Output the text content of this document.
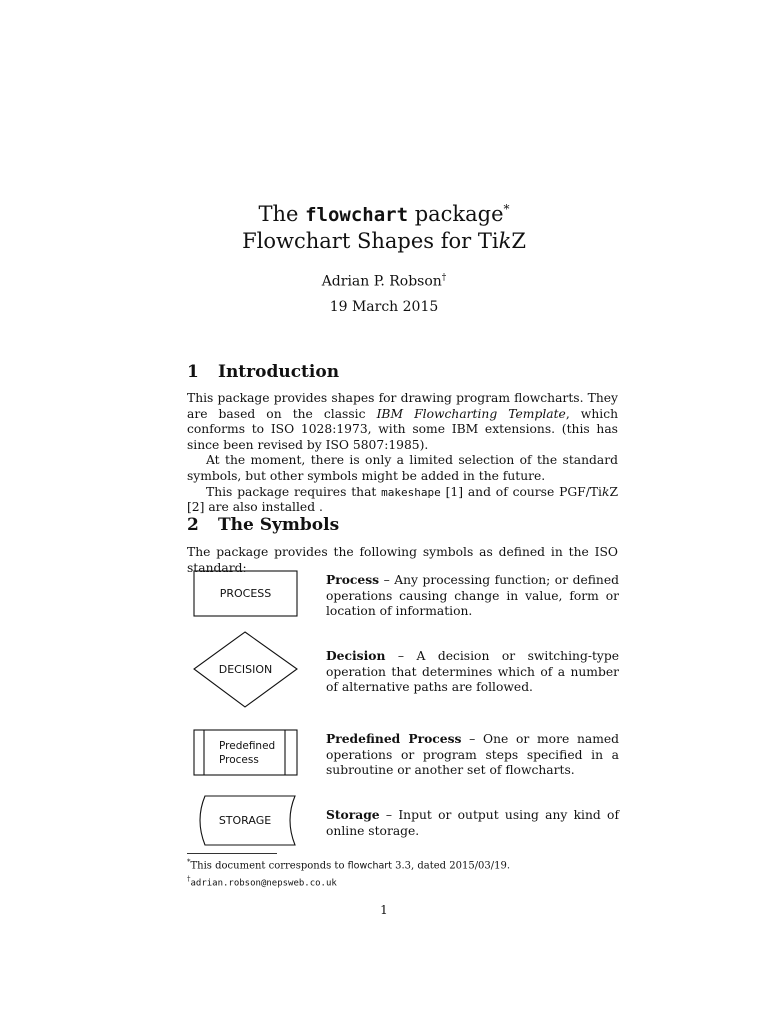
The flowchart package*
Flowchart Shapes for TikZ
Adrian P. Robson†
19 March 2015
1 Introduction

This package provides shapes for drawing program flowcharts. They are based on the classic IBM Flowcharting Template, which conforms to ISO 1028:1973, with some IBM extensions. (this has since been revised by ISO 5807:1985).

At the moment, there is only a limited selection of the standard symbols, but other symbols might be added in the future.

This package requires that makeshape [1] and of course PGF/TikZ [2] are also installed .

2 The Symbols
The package provides the following symbols as defined in the ISO standard:
PROCESS
Process – Any processing function; or defined operations causing change in value, form or location of information.
DECISION
Decision – A decision or switching-type operation that determines which of a number of alternative paths are followed.
Predefined
Process
Predefined Process – One or more named operations or program steps specified in a subroutine or another set of flowcharts.
STORAGE	Storage – Input or output using any kind of online storage.
*This document corresponds to flowchart 3.3, dated 2015/03/19.
†adrian.robson@nepsweb.co.uk
1
